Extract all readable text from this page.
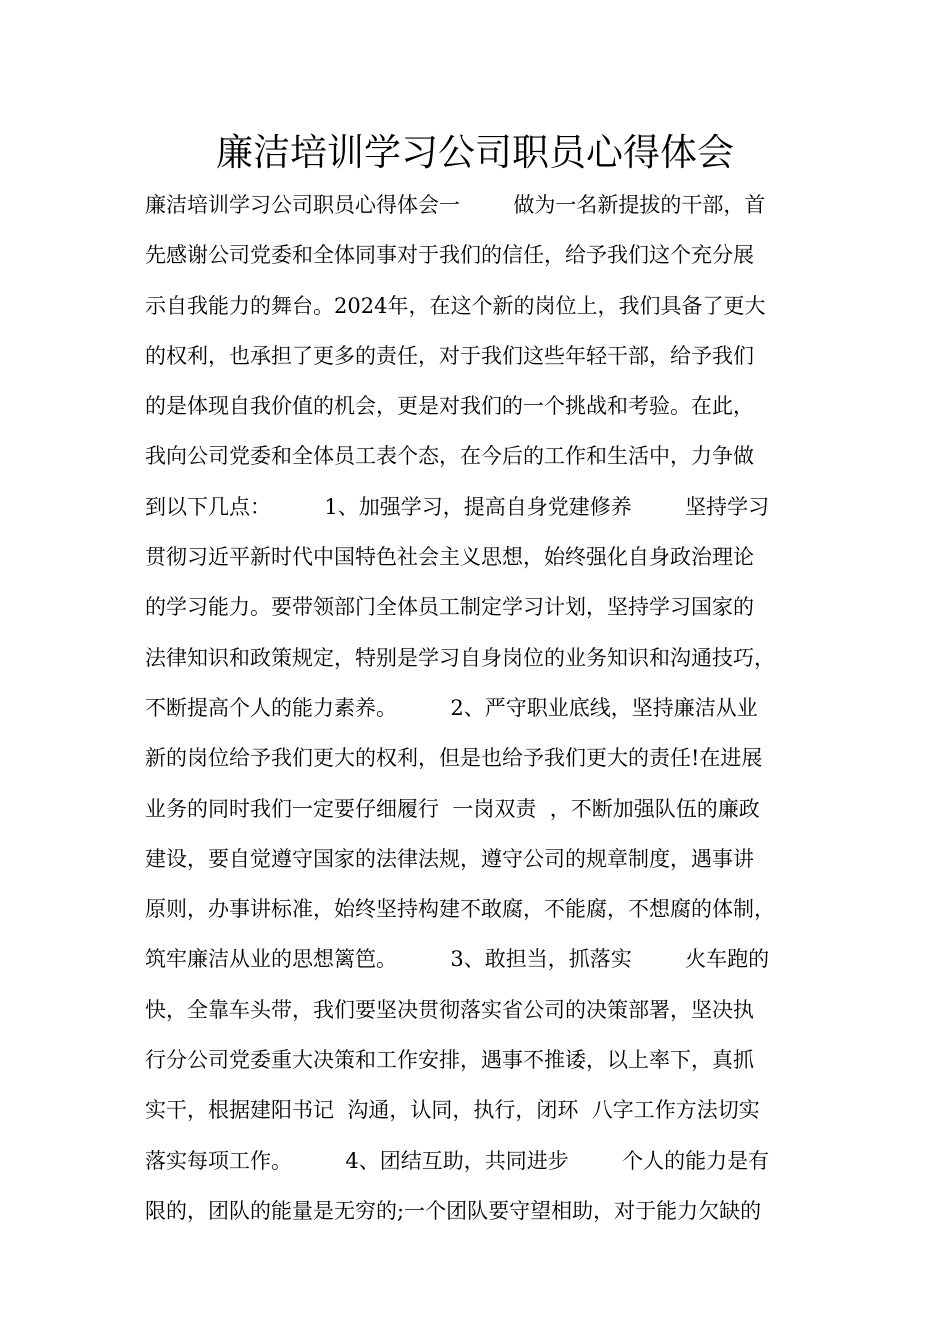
廉洁培训学习公司职员心得体会
廉洁培训学习公司职员心得体会一        做为一名新提拔的干部，首
先感谢公司党委和全体同事对于我们的信任，给予我们这个充分展
示自我能力的舞台。2024年，在这个新的岗位上，我们具备了更大
的权利，也承担了更多的责任，对于我们这些年轻干部，给予我们
的是体现自我价值的机会，更是对我们的一个挑战和考验。在此，
我向公司党委和全体员工表个态，在今后的工作和生活中，力争做
到以下几点：        1、加强学习，提高自身党建修养        坚持学习
贯彻习近平新时代中国特色社会主义思想，始终强化自身政治理论
的学习能力。要带领部门全体员工制定学习计划，坚持学习国家的
法律知识和政策规定，特别是学习自身岗位的业务知识和沟通技巧，
不断提高个人的能力素养。        2、严守职业底线，坚持廉洁从业
新的岗位给予我们更大的权利，但是也给予我们更大的责任!在进展
业务的同时我们一定要仔细履行  一岗双责  ，不断加强队伍的廉政
建设，要自觉遵守国家的法律法规，遵守公司的规章制度，遇事讲
原则，办事讲标准，始终坚持构建不敢腐，不能腐，不想腐的体制，
筑牢廉洁从业的思想篱笆。        3、敢担当，抓落实        火车跑的
快，全靠车头带，我们要坚决贯彻落实省公司的决策部署，坚决执
行分公司党委重大决策和工作安排，遇事不推诿，以上率下，真抓
实干，根据建阳书记  沟通，认同，执行，闭环  八字工作方法切实
落实每项工作。        4、团结互助，共同进步        个人的能力是有
限的，团队的能量是无穷的;一个团队要守望相助，对于能力欠缺的
